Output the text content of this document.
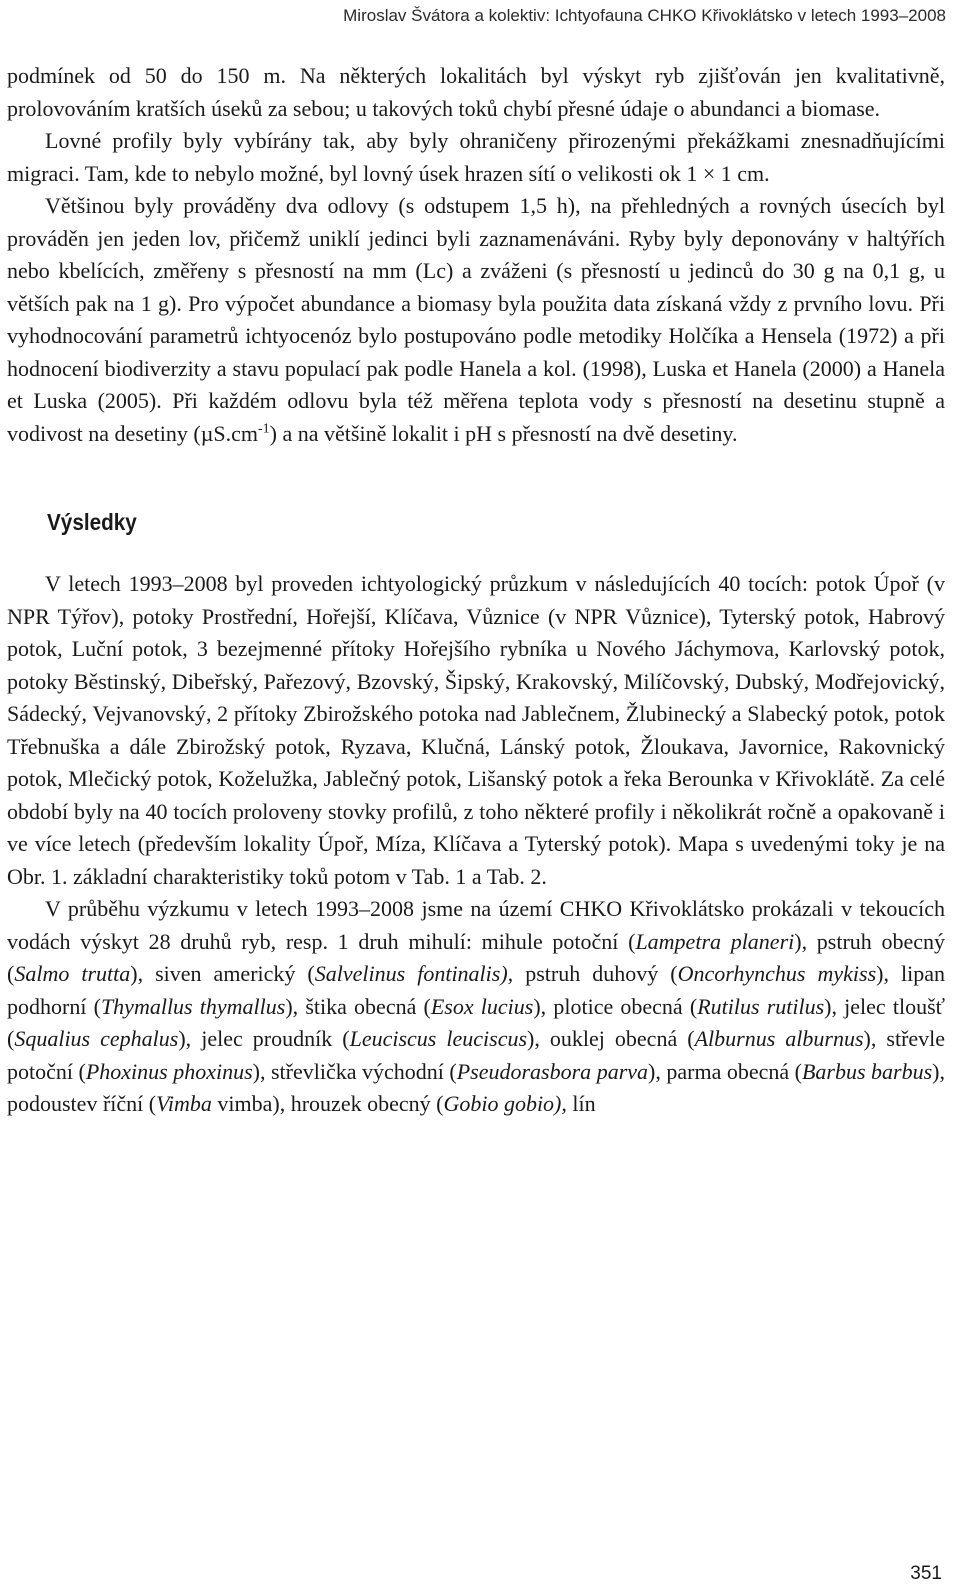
Miroslav Švátora a kolektiv: Ichtyofauna CHKO Křivoklátsko v letech 1993–2008

podmínek od 50 do 150 m. Na některých lokalitách byl výskyt ryb zjišťován jen kvalitativně, prolovováním kratších úseků za sebou; u takových toků chybí přesné údaje o abundanci a biomase.

Lovné profily byly vybírány tak, aby byly ohraničeny přirozenými překážkami znesnadňujícími migraci. Tam, kde to nebylo možné, byl lovný úsek hrazen sítí o velikosti ok 1 × 1 cm.

Většinou byly prováděny dva odlovy (s odstupem 1,5 h), na přehledných a rovných úsecích byl prováděn jen jeden lov, přičemž uniklí jedinci byli zaznamenáváni. Ryby byly deponovány v haltýřích nebo kbelících, změřeny s přesností na mm (Lc) a zváženi (s přesností u jedinců do 30 g na 0,1 g, u větších pak na 1 g). Pro výpočet abundance a biomasy byla použita data získaná vždy z prvního lovu. Při vyhodnocování parametrů ichtyocenóz bylo postupováno podle metodiky Holčíka a Hensela (1972) a při hodnocení biodiverzity a stavu populací pak podle Hanela a kol. (1998), Luska et Hanela (2000) a Hanela et Luska (2005). Při každém odlovu byla též měřena teplota vody s přesností na desetinu stupně a vodivost na desetiny $(\mu S.cm^{-1})$ a na většině lokalit i pH s přesností na dvě desetiny.

Výsledky

V letech 1993–2008 byl proveden ichtyologický průzkum v následujících 40 tocích: potok Úpoř (v NPR Týřov), potoky Prostřední, Hořejší, Klíčava, Vůznice (v NPR Vůznice), Tyterský potok, Habrový potok, Luční potok, 3 bezejmenné přítoky Hořejšího rybníka u Nového Jáchymova, Karlovský potok, potoky Běstinský, Dibeřský, Pařezový, Bzovský, Šipský, Krakovský, Milíčovský, Dubský, Modřejovický, Sádecký, Vejvanovský, 2 přítoky Zbirožského potoka nad Jablečnem, Žlubinecký a Slabecký potok, potok Třebnuška a dále Zbirožský potok, Ryzava, Klučná, Lánský potok, Žloukava, Javornice, Rakovnický potok, Mlečický potok, Koželužka, Jablečný potok, Lišanský potok a řeka Berounka v Křivoklátě. Za celé období byly na 40 tocích proloveny stovky profilů, z toho některé profily i několikrát ročně a opakovaně i ve více letech (především lokality Úpoř, Míza, Klíčava a Tyterský potok). Mapa s uvedenými toky je na Obr. 1. základní charakteristiky toků potom v Tab. 1 a Tab. 2.

V průběhu výzkumu v letech 1993–2008 jsme na území CHKO Křivoklátsko prokázali v tekoucích vodách výskyt 28 druhů ryb, resp. 1 druh mihulí: mihule potoční (Lampetra planeri), pstruh obecný (Salmo trutta), siven americký (Salvelinus fontinalis), pstruh duhový (Oncorhynchus mykiss), lipan podhorní (Thymallus thymallus), štika obecná (Esox lucius), plotice obecná (Rutilus rutilus), jelec tloušť (Squalius cephalus), jelec proudník (Leuciscus leuciscus), ouklej obecná (Alburnus alburnus), střevle potoční (Phoxinus phoxinus), střevlička východní (Pseudorasbora parva), parma obecná (Barbus barbus), podoustev říční (Vimba vimba), hrouzek obecný (Gobio gobio), lín

351
